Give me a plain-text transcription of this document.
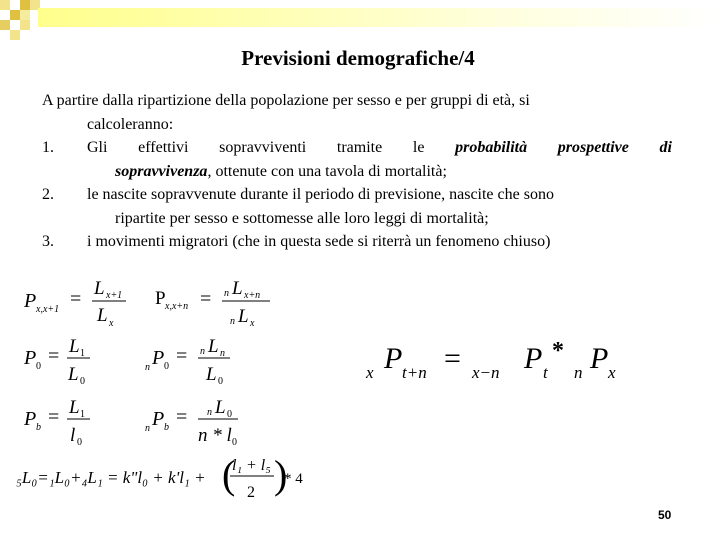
Previsioni demografiche/4
A partire dalla ripartizione della popolazione per sesso e per gruppi di età, si
calcoleranno:
1. Gli effettivi sopravviventi tramite le probabilità prospettive di
sopravvivenza, ottenute con una tavola di mortalità;
2. le nascite sopravvenute durante il periodo di previsione, nascite che sono
ripartite per sesso e sottomesse alle loro leggi di mortalità;
3. i movimenti migratori (che in questa sede si riterrà un fenomeno chiuso)
P x,x+1 = L x+1
L x
P x,x+n = n L x+n
n L x
P 0 = L 1
L 0
n P 0 = n L n
L 0
P b = L 1
l 0
n P b = n L 0
n * l 0
x P t+n = x−n P *
t n P x
₅L₀=₁L₀+₄L₁ = k"l₀ + k'l₁ + (
l₁ + l₅
2 )
* 4
50
